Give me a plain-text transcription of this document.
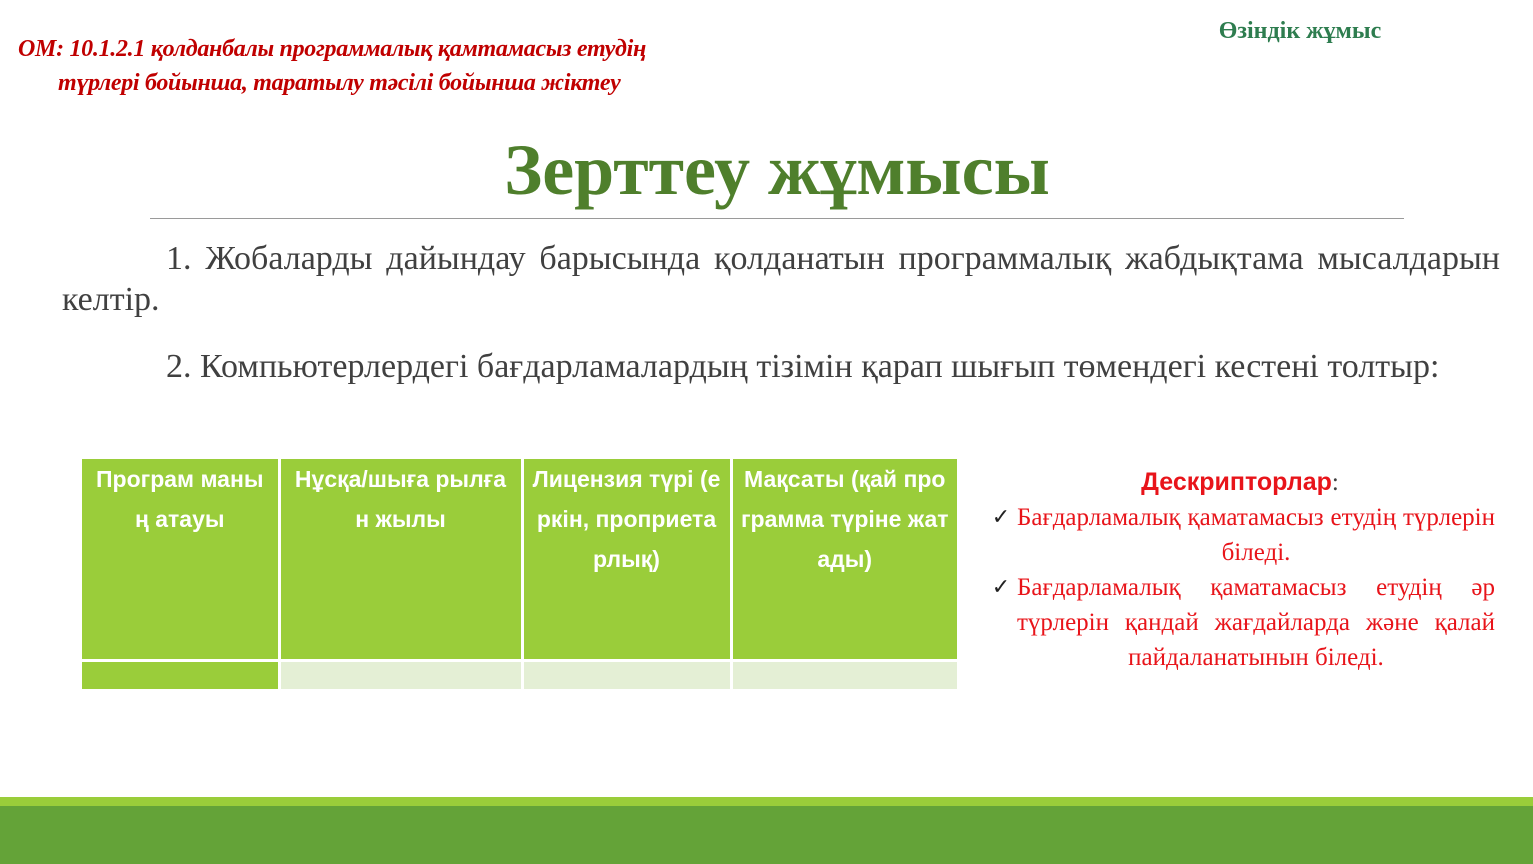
ОМ: 10.1.2.1 қолданбалы программалық қамтамасыз етудің
түрлері бойынша, таратылу тәсілі бойынша жіктеу
Өзіндік жұмыс
Зерттеу жұмысы

1. Жобаларды дайындау барысында қолданатын программалық жабдықтама мысалдарын келтір.

2. Компьютерлердегі бағдарламалардың тізімін қарап шығып төмендегі кестені толтыр:

Програм маның атауы	Нұсқа/шыға рылған жылы	Лицензия түрі (еркін, проприета рлық)	Мақсаты (қай программа түріне жатады)

Дескрипторлар:
✓ Бағдарламалық қаматамасыз етудің түрлерін біледі.
✓ Бағдарламалық қаматамасыз етудің әр түрлерін қандай жағдайларда және қалай пайдаланатынын біледі.
